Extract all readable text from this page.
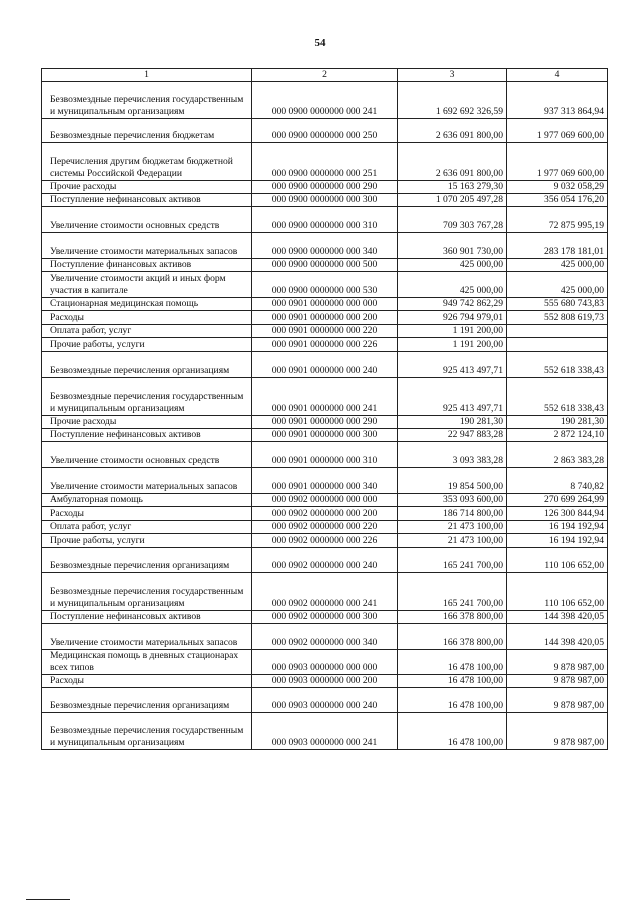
54
1	2	3	4
Безвозмездные перечисления государственным и муниципальным организациям	000 0900 0000000 000 241	1 692 692 326,59	937 313 864,94
Безвозмездные перечисления бюджетам	000 0900 0000000 000 250	2 636 091 800,00	1 977 069 600,00
Перечисления другим бюджетам бюджетной системы Российской Федерации	000 0900 0000000 000 251	2 636 091 800,00	1 977 069 600,00
Прочие расходы	000 0900 0000000 000 290	15 163 279,30	9 032 058,29
Поступление нефинансовых активов	000 0900 0000000 000 300	1 070 205 497,28	356 054 176,20
Увеличение стоимости основных средств	000 0900 0000000 000 310	709 303 767,28	72 875 995,19
Увеличение стоимости материальных запасов	000 0900 0000000 000 340	360 901 730,00	283 178 181,01
Поступление финансовых активов	000 0900 0000000 000 500	425 000,00	425 000,00
Увеличение стоимости акций и иных форм участия в капитале	000 0900 0000000 000 530	425 000,00	425 000,00
Стационарная медицинская помощь	000 0901 0000000 000 000	949 742 862,29	555 680 743,83
Расходы	000 0901 0000000 000 200	926 794 979,01	552 808 619,73
Оплата работ, услуг	000 0901 0000000 000 220	1 191 200,00	
Прочие работы, услуги	000 0901 0000000 000 226	1 191 200,00	
Безвозмездные перечисления организациям	000 0901 0000000 000 240	925 413 497,71	552 618 338,43
Безвозмездные перечисления государственным и муниципальным организациям	000 0901 0000000 000 241	925 413 497,71	552 618 338,43
Прочие расходы	000 0901 0000000 000 290	190 281,30	190 281,30
Поступление нефинансовых активов	000 0901 0000000 000 300	22 947 883,28	2 872 124,10
Увеличение стоимости основных средств	000 0901 0000000 000 310	3 093 383,28	2 863 383,28
Увеличение стоимости материальных запасов	000 0901 0000000 000 340	19 854 500,00	8 740,82
Амбулаторная помощь	000 0902 0000000 000 000	353 093 600,00	270 699 264,99
Расходы	000 0902 0000000 000 200	186 714 800,00	126 300 844,94
Оплата работ, услуг	000 0902 0000000 000 220	21 473 100,00	16 194 192,94
Прочие работы, услуги	000 0902 0000000 000 226	21 473 100,00	16 194 192,94
Безвозмездные перечисления организациям	000 0902 0000000 000 240	165 241 700,00	110 106 652,00
Безвозмездные перечисления государственным и муниципальным организациям	000 0902 0000000 000 241	165 241 700,00	110 106 652,00
Поступление нефинансовых активов	000 0902 0000000 000 300	166 378 800,00	144 398 420,05
Увеличение стоимости материальных запасов	000 0902 0000000 000 340	166 378 800,00	144 398 420,05
Медицинская помощь в дневных стационарах всех типов	000 0903 0000000 000 000	16 478 100,00	9 878 987,00
Расходы	000 0903 0000000 000 200	16 478 100,00	9 878 987,00
Безвозмездные перечисления организациям	000 0903 0000000 000 240	16 478 100,00	9 878 987,00
Безвозмездные перечисления государственным и муниципальным организациям	000 0903 0000000 000 241	16 478 100,00	9 878 987,00
